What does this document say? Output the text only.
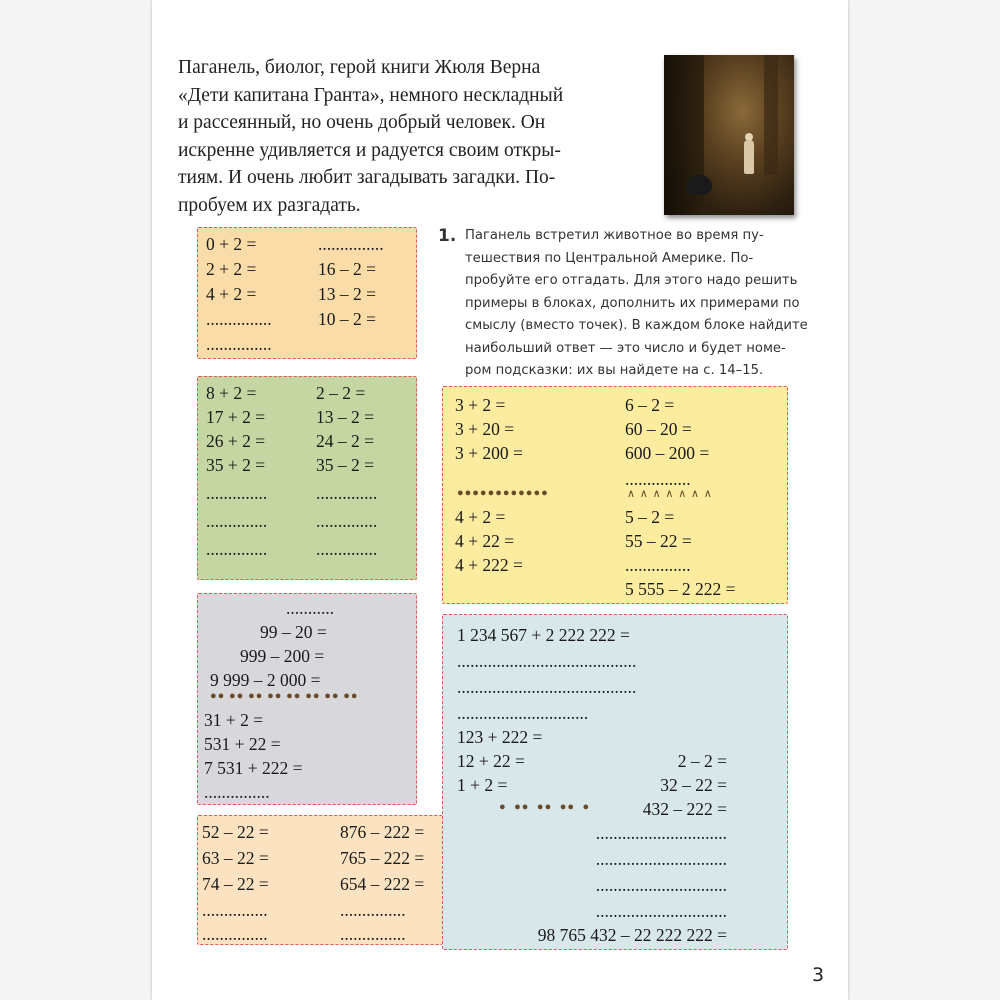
Паганель, биолог, герой книги Жюля Верна
«Дети капитана Гранта», немного нескладный
и рассеянный, но очень добрый человек. Он
искренне удивляется и радуется своим откры-
тиям. И очень любит загадывать загадки. По-
пробуем их разгадать.
1. Паганель встретил животное во время пу-
тешествия по Центральной Америке. По-
пробуйте его отгадать. Для этого надо решить
примеры в блоках, дополнить их примерами по
смыслу (вместо точек). В каждом блоке найдите
наибольший ответ — это число и будет номе-
ром подсказки: их вы найдете на с. 14–15.
0 + 2 =
2 + 2 =
4 + 2 =
...............
...............
...............
16 – 2 =
13 – 2 =
10 – 2 =
8 + 2 =
17 + 2 =
26 + 2 =
35 + 2 =
..............
..............
..............
2 – 2 =
13 – 2 =
24 – 2 =
35 – 2 =
..............
..............
..............
...........
99 – 20 =
999 – 200 =
9 999 – 2 000 =
●● ●● ●● ●● ●● ●● ●● ●●
31 + 2 =
531 + 22 =
7 531 + 222 =
...............
52 – 22 =
63 – 22 =
74 – 22 =
...............
...............
876 – 222 =
765 – 222 =
654 – 222 =
...............
...............
3 + 2 =
3 + 20 =
3 + 200 =
●●●●●●●●●●●●
4 + 2 =
4 + 22 =
4 + 222 =
6 – 2 =
60 – 20 =
600 – 200 =
...............
∧ ∧ ∧ ∧ ∧ ∧ ∧
5 – 2 =
55 – 22 =
...............
5 555 – 2 222 =
1 234 567 + 2 222 222 =
.........................................
.........................................
..............................
123 + 222 =
12 + 22 =
1 + 2 =
2 – 2 =
32 – 22 =
432 – 222 =
●  ●●  ●●  ●●  ●
..............................
..............................
..............................
..............................
98 765 432 – 22 222 222 =
3
